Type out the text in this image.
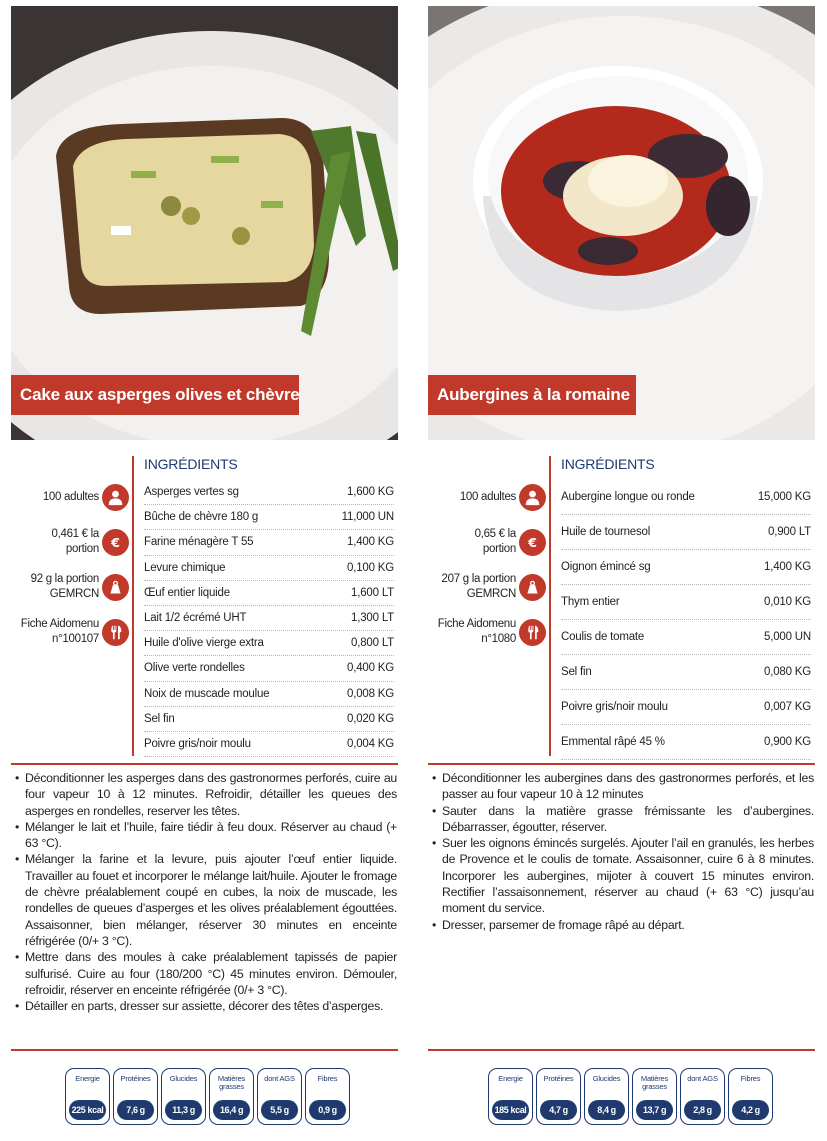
Cake aux asperges olives et chèvre
100 adultes
0,461 € la
portion €
92 g la portion
GEMRCN
Fiche Aidomenu
n°100107
INGRÉDIENTS
Asperges vertes sg	1,600 KG
Bûche de chèvre 180 g	11,000 UN
Farine ménagère T 55	1,400 KG
Levure chimique	0,100 KG
Œuf entier liquide	1,600 LT
Lait 1/2 écrémé UHT	1,300 LT
Huile d'olive vierge extra	0,800 LT
Olive verte rondelles	0,400 KG
Noix de muscade moulue	0,008 KG
Sel fin	0,020 KG
Poivre gris/noir moulu	0,004 KG
• Déconditionner les asperges dans des gastronormes perforés, cuire au four vapeur 10 à 12 minutes. Refroidir, détailler les queues des asperges en rondelles, reserver les têtes.
• Mélanger le lait et l’huile, faire tiédir à feu doux. Réserver au chaud (+ 63 °C).
• Mélanger la farine et la levure, puis ajouter l’œuf entier liquide. Travailler au fouet et incorporer le mélange lait/huile. Ajouter le fromage de chèvre préalablement coupé en cubes, la noix de muscade, les rondelles de queues d’asperges et les olives préalablement égouttées. Assaisonner, bien mélanger, réserver 30 minutes en enceinte réfrigérée (0/+ 3 °C).
• Mettre dans des moules à cake préalablement tapissés de papier sulfurisé. Cuire au four (180/200 °C) 45 minutes environ. Démouler, refroidir, réserver en enceinte réfrigérée (0/+ 3 °C).
• Détailler en parts, dresser sur assiette, décorer des têtes d’asperges.
Energie
225 kcal
Protéines
7,6 g
Glucides
11,3 g
Matières grasses
16,4 g
dont AGS
5,5 g
Fibres
0,9 g
Aubergines à la romaine
100 adultes
0,65 € la
portion €
207 g la portion
GEMRCN
Fiche Aidomenu
n°1080
INGRÉDIENTS
Aubergine longue ou ronde	15,000 KG
Huile de tournesol	0,900 LT
Oignon émincé sg	1,400 KG
Thym entier	0,010 KG
Coulis de tomate	5,000 UN
Sel fin	0,080 KG
Poivre gris/noir moulu	0,007 KG
Emmental râpé 45 %	0,900 KG
• Déconditionner les aubergines dans des gastronormes perforés, et les passer au four vapeur 10 à 12 minutes
• Sauter dans la matière grasse frémissante les d’aubergines. Débarrasser, égoutter, réserver.
• Suer les oignons émincés surgelés. Ajouter l’ail en granulés, les herbes de Provence et le coulis de tomate. Assaisonner, cuire 6 à 8 minutes. Incorporer les aubergines, mijoter à couvert 15 minutes environ. Rectifier l’assaisonnement, réserver au chaud (+ 63 °C) jusqu’au moment du service.
• Dresser, parsemer de fromage râpé au départ.
Energie
185 kcal
Protéines
4,7 g
Glucides
8,4 g
Matières grasses
13,7 g
dont AGS
2,8 g
Fibres
4,2 g
